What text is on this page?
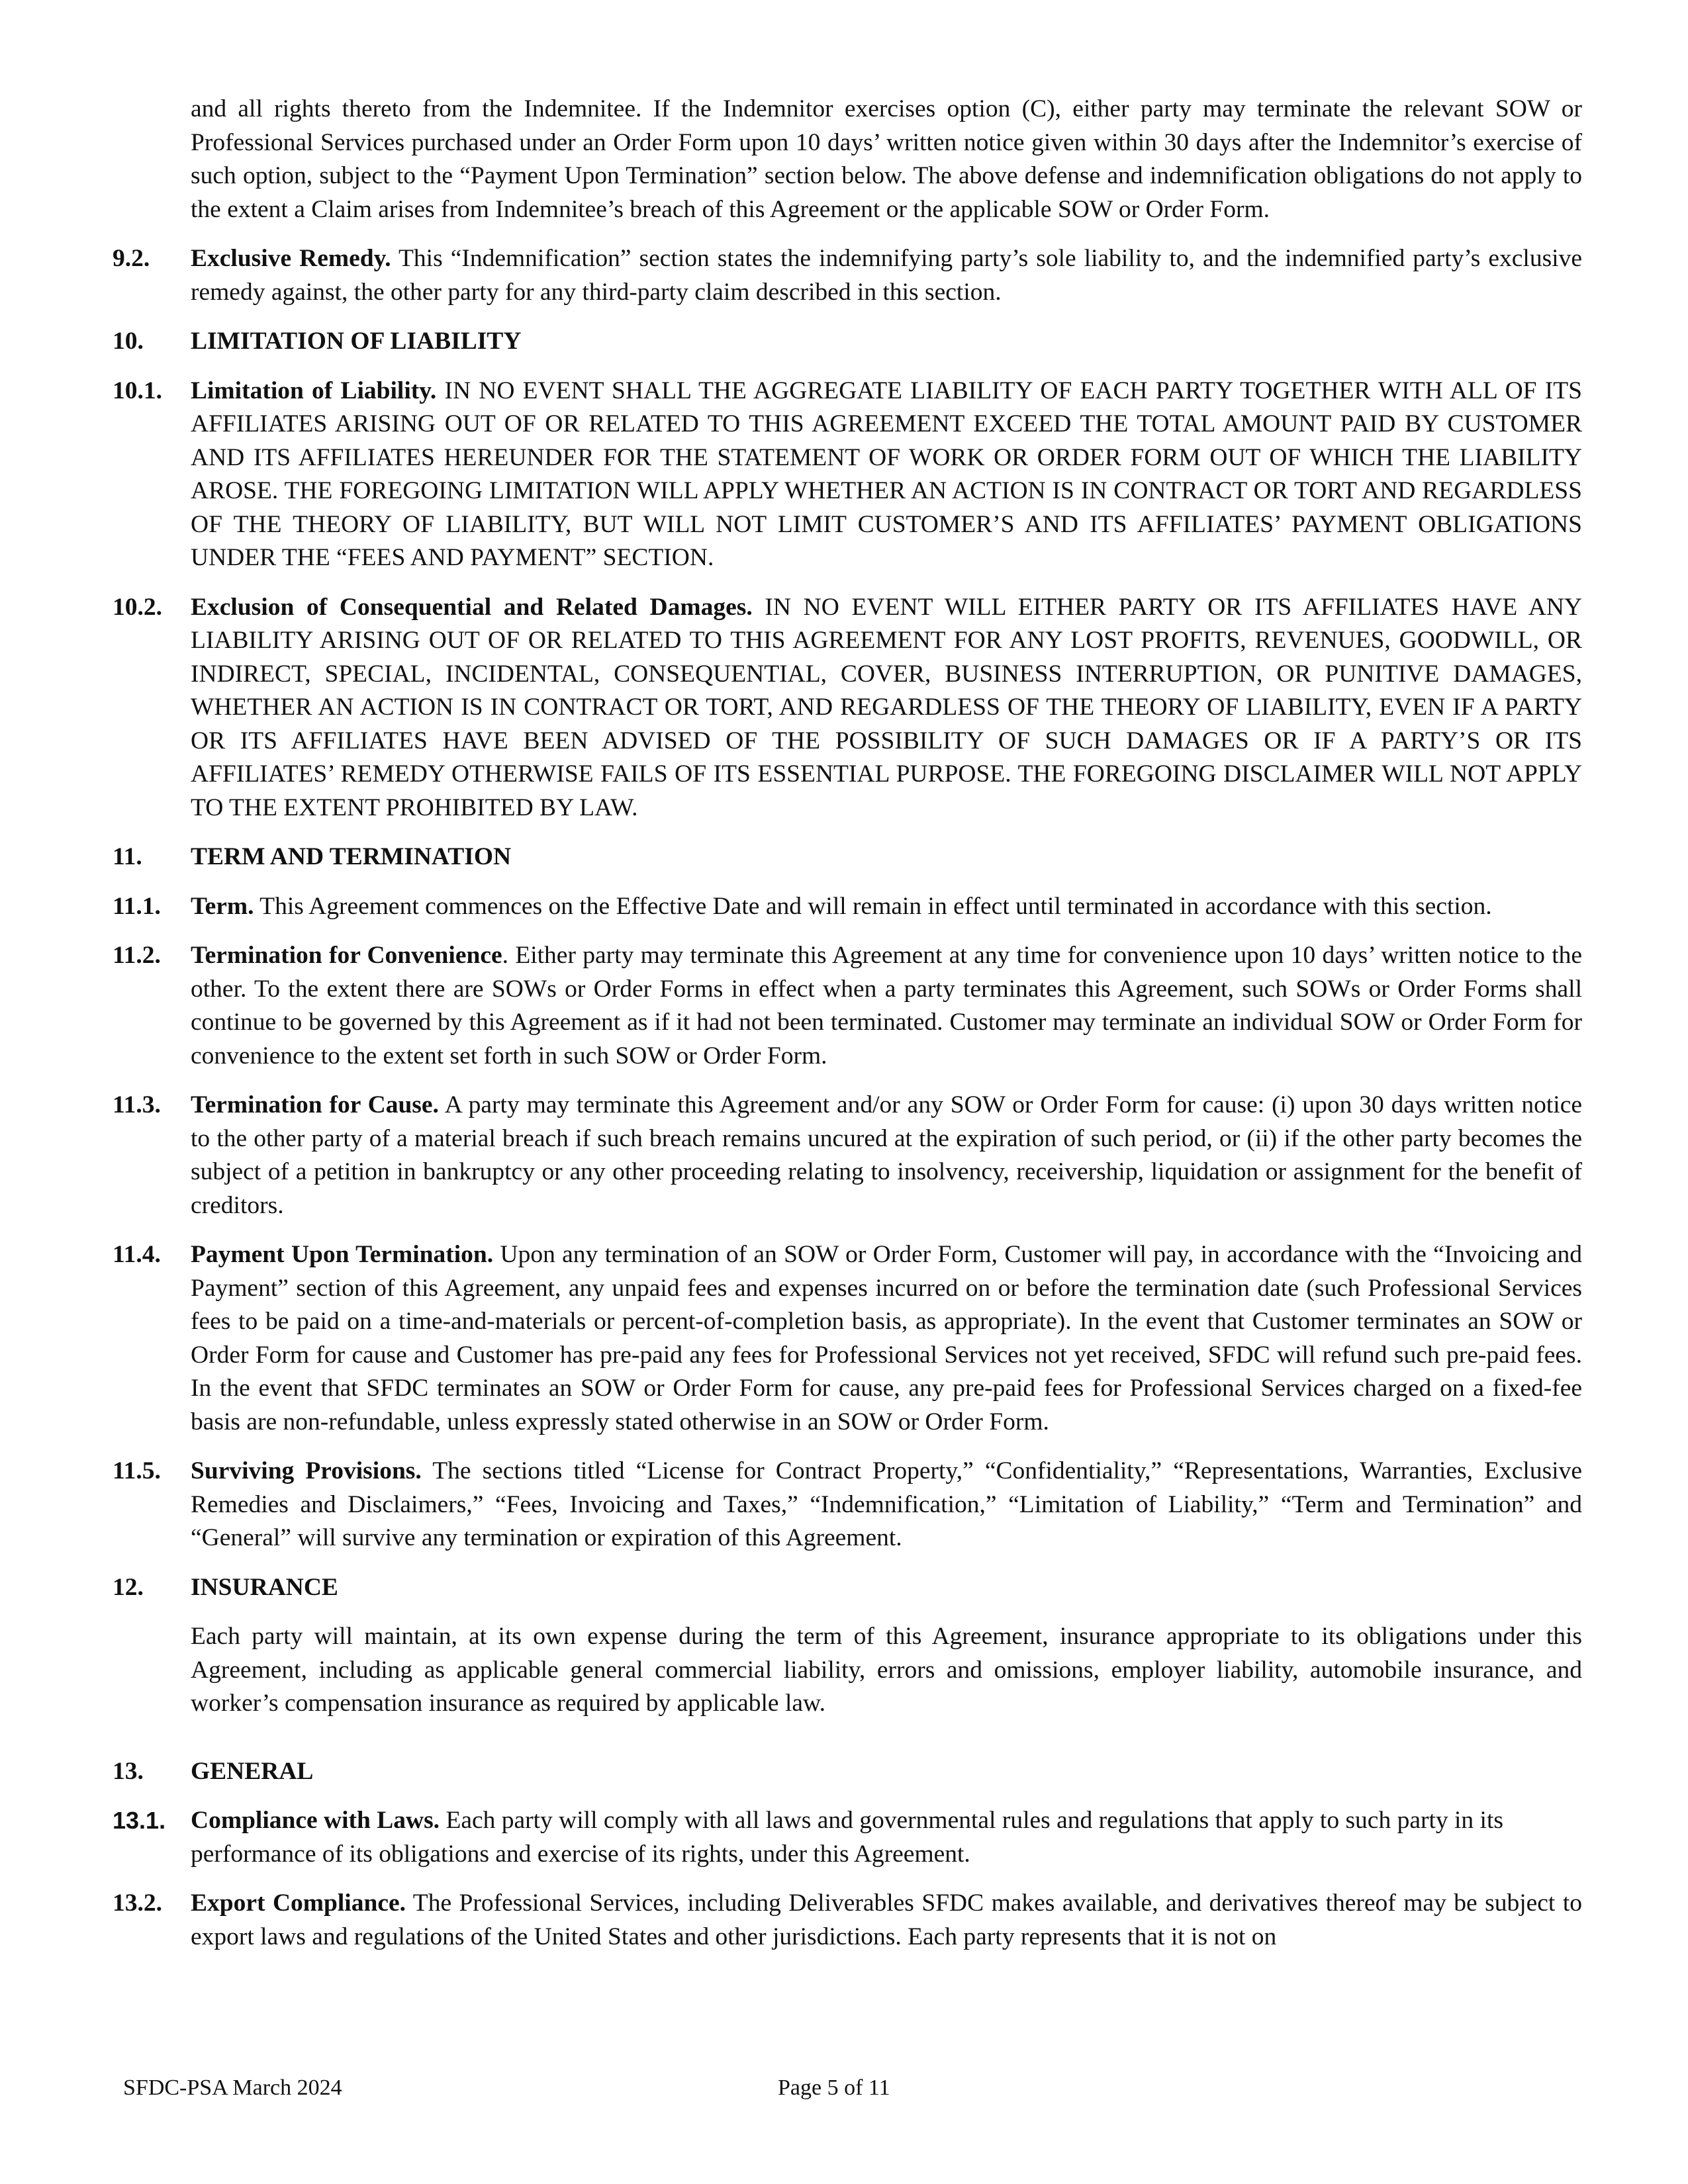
and all rights thereto from the Indemnitee. If the Indemnitor exercises option (C), either party may terminate the relevant SOW or Professional Services purchased under an Order Form upon 10 days’ written notice given within 30 days after the Indemnitor’s exercise of such option, subject to the “Payment Upon Termination” section below. The above defense and indemnification obligations do not apply to the extent a Claim arises from Indemnitee’s breach of this Agreement or the applicable SOW or Order Form.
9.2.	Exclusive Remedy. This “Indemnification” section states the indemnifying party’s sole liability to, and the indemnified party’s exclusive remedy against, the other party for any third-party claim described in this section.
10.	LIMITATION OF LIABILITY
10.1.	Limitation of Liability. IN NO EVENT SHALL THE AGGREGATE LIABILITY OF EACH PARTY TOGETHER WITH ALL OF ITS AFFILIATES ARISING OUT OF OR RELATED TO THIS AGREEMENT EXCEED THE TOTAL AMOUNT PAID BY CUSTOMER AND ITS AFFILIATES HEREUNDER FOR THE STATEMENT OF WORK OR ORDER FORM OUT OF WHICH THE LIABILITY AROSE. THE FOREGOING LIMITATION WILL APPLY WHETHER AN ACTION IS IN CONTRACT OR TORT AND REGARDLESS OF THE THEORY OF LIABILITY, BUT WILL NOT LIMIT CUSTOMER’S AND ITS AFFILIATES’ PAYMENT OBLIGATIONS UNDER THE “FEES AND PAYMENT” SECTION.
10.2.	Exclusion of Consequential and Related Damages. IN NO EVENT WILL EITHER PARTY OR ITS AFFILIATES HAVE ANY LIABILITY ARISING OUT OF OR RELATED TO THIS AGREEMENT FOR ANY LOST PROFITS, REVENUES, GOODWILL, OR INDIRECT, SPECIAL, INCIDENTAL, CONSEQUENTIAL, COVER, BUSINESS INTERRUPTION, OR PUNITIVE DAMAGES, WHETHER AN ACTION IS IN CONTRACT OR TORT, AND REGARDLESS OF THE THEORY OF LIABILITY, EVEN IF A PARTY OR ITS AFFILIATES HAVE BEEN ADVISED OF THE POSSIBILITY OF SUCH DAMAGES OR IF A PARTY’S OR ITS AFFILIATES’ REMEDY OTHERWISE FAILS OF ITS ESSENTIAL PURPOSE. THE FOREGOING DISCLAIMER WILL NOT APPLY TO THE EXTENT PROHIBITED BY LAW.
11.	TERM AND TERMINATION
11.1.	Term. This Agreement commences on the Effective Date and will remain in effect until terminated in accordance with this section.
11.2.	Termination for Convenience. Either party may terminate this Agreement at any time for convenience upon 10 days’ written notice to the other. To the extent there are SOWs or Order Forms in effect when a party terminates this Agreement, such SOWs or Order Forms shall continue to be governed by this Agreement as if it had not been terminated. Customer may terminate an individual SOW or Order Form for convenience to the extent set forth in such SOW or Order Form.
11.3.	Termination for Cause. A party may terminate this Agreement and/or any SOW or Order Form for cause: (i) upon 30 days written notice to the other party of a material breach if such breach remains uncured at the expiration of such period, or (ii) if the other party becomes the subject of a petition in bankruptcy or any other proceeding relating to insolvency, receivership, liquidation or assignment for the benefit of creditors.
11.4.	Payment Upon Termination. Upon any termination of an SOW or Order Form, Customer will pay, in accordance with the “Invoicing and Payment” section of this Agreement, any unpaid fees and expenses incurred on or before the termination date (such Professional Services fees to be paid on a time-and-materials or percent-of-completion basis, as appropriate). In the event that Customer terminates an SOW or Order Form for cause and Customer has pre-paid any fees for Professional Services not yet received, SFDC will refund such pre-paid fees. In the event that SFDC terminates an SOW or Order Form for cause, any pre-paid fees for Professional Services charged on a fixed-fee basis are non-refundable, unless expressly stated otherwise in an SOW or Order Form.
11.5.	Surviving Provisions. The sections titled “License for Contract Property,” “Confidentiality,” “Representations, Warranties, Exclusive Remedies and Disclaimers,” “Fees, Invoicing and Taxes,” “Indemnification,” “Limitation of Liability,” “Term and Termination” and “General” will survive any termination or expiration of this Agreement.
12.	INSURANCE
Each party will maintain, at its own expense during the term of this Agreement, insurance appropriate to its obligations under this Agreement, including as applicable general commercial liability, errors and omissions, employer liability, automobile insurance, and worker’s compensation insurance as required by applicable law.
13.	GENERAL
13.1.	Compliance with Laws. Each party will comply with all laws and governmental rules and regulations that apply to such party in its performance of its obligations and exercise of its rights, under this Agreement.
13.2.	Export Compliance. The Professional Services, including Deliverables SFDC makes available, and derivatives thereof may be subject to export laws and regulations of the United States and other jurisdictions. Each party represents that it is not on
SFDC-PSA March 2024	Page 5 of 11
